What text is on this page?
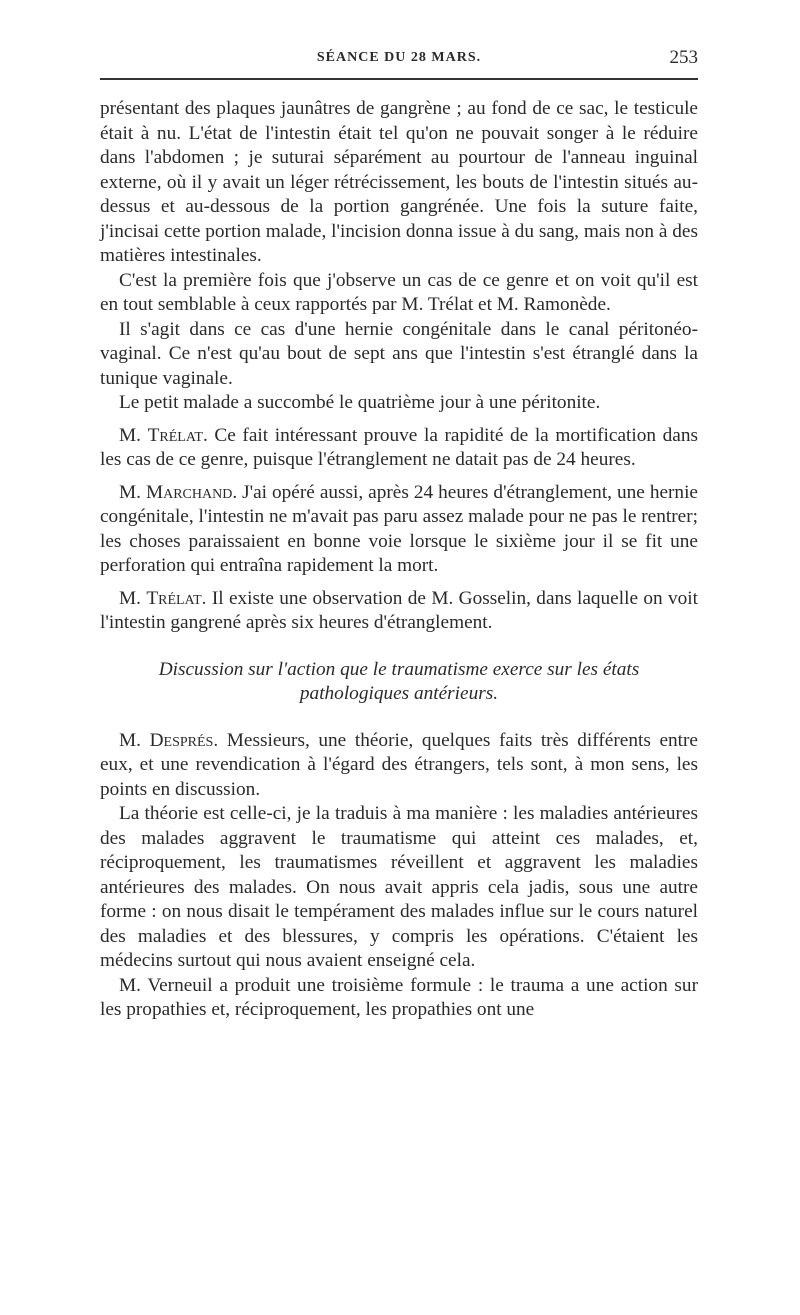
SÉANCE DU 28 MARS.	253

présentant des plaques jaunâtres de gangrène ; au fond de ce sac, le testicule était à nu. L'état de l'intestin était tel qu'on ne pouvait songer à le réduire dans l'abdomen ; je suturai séparément au pourtour de l'anneau inguinal externe, où il y avait un léger rétrécissement, les bouts de l'intestin situés au-dessus et au-dessous de la portion gangrénée. Une fois la suture faite, j'incisai cette portion malade, l'incision donna issue à du sang, mais non à des matières intestinales.

C'est la première fois que j'observe un cas de ce genre et on voit qu'il est en tout semblable à ceux rapportés par M. Trélat et M. Ramonède.

Il s'agit dans ce cas d'une hernie congénitale dans le canal péritonéo-vaginal. Ce n'est qu'au bout de sept ans que l'intestin s'est étranglé dans la tunique vaginale.

Le petit malade a succombé le quatrième jour à une péritonite.

M. Trélat. Ce fait intéressant prouve la rapidité de la mortification dans les cas de ce genre, puisque l'étranglement ne datait pas de 24 heures.

M. Marchand. J'ai opéré aussi, après 24 heures d'étranglement, une hernie congénitale, l'intestin ne m'avait pas paru assez malade pour ne pas le rentrer; les choses paraissaient en bonne voie lorsque le sixième jour il se fit une perforation qui entraîna rapidement la mort.

M. Trélat. Il existe une observation de M. Gosselin, dans laquelle on voit l'intestin gangrené après six heures d'étranglement.

Discussion sur l'action que le traumatisme exerce sur les états
pathologiques antérieurs.

M. Després. Messieurs, une théorie, quelques faits très différents entre eux, et une revendication à l'égard des étrangers, tels sont, à mon sens, les points en discussion.

La théorie est celle-ci, je la traduis à ma manière : les maladies antérieures des malades aggravent le traumatisme qui atteint ces malades, et, réciproquement, les traumatismes réveillent et aggravent les maladies antérieures des malades. On nous avait appris cela jadis, sous une autre forme : on nous disait le tempérament des malades influe sur le cours naturel des maladies et des blessures, y compris les opérations. C'étaient les médecins surtout qui nous avaient enseigné cela.

M. Verneuil a produit une troisième formule : le trauma a une action sur les propathies et, réciproquement, les propathies ont une
